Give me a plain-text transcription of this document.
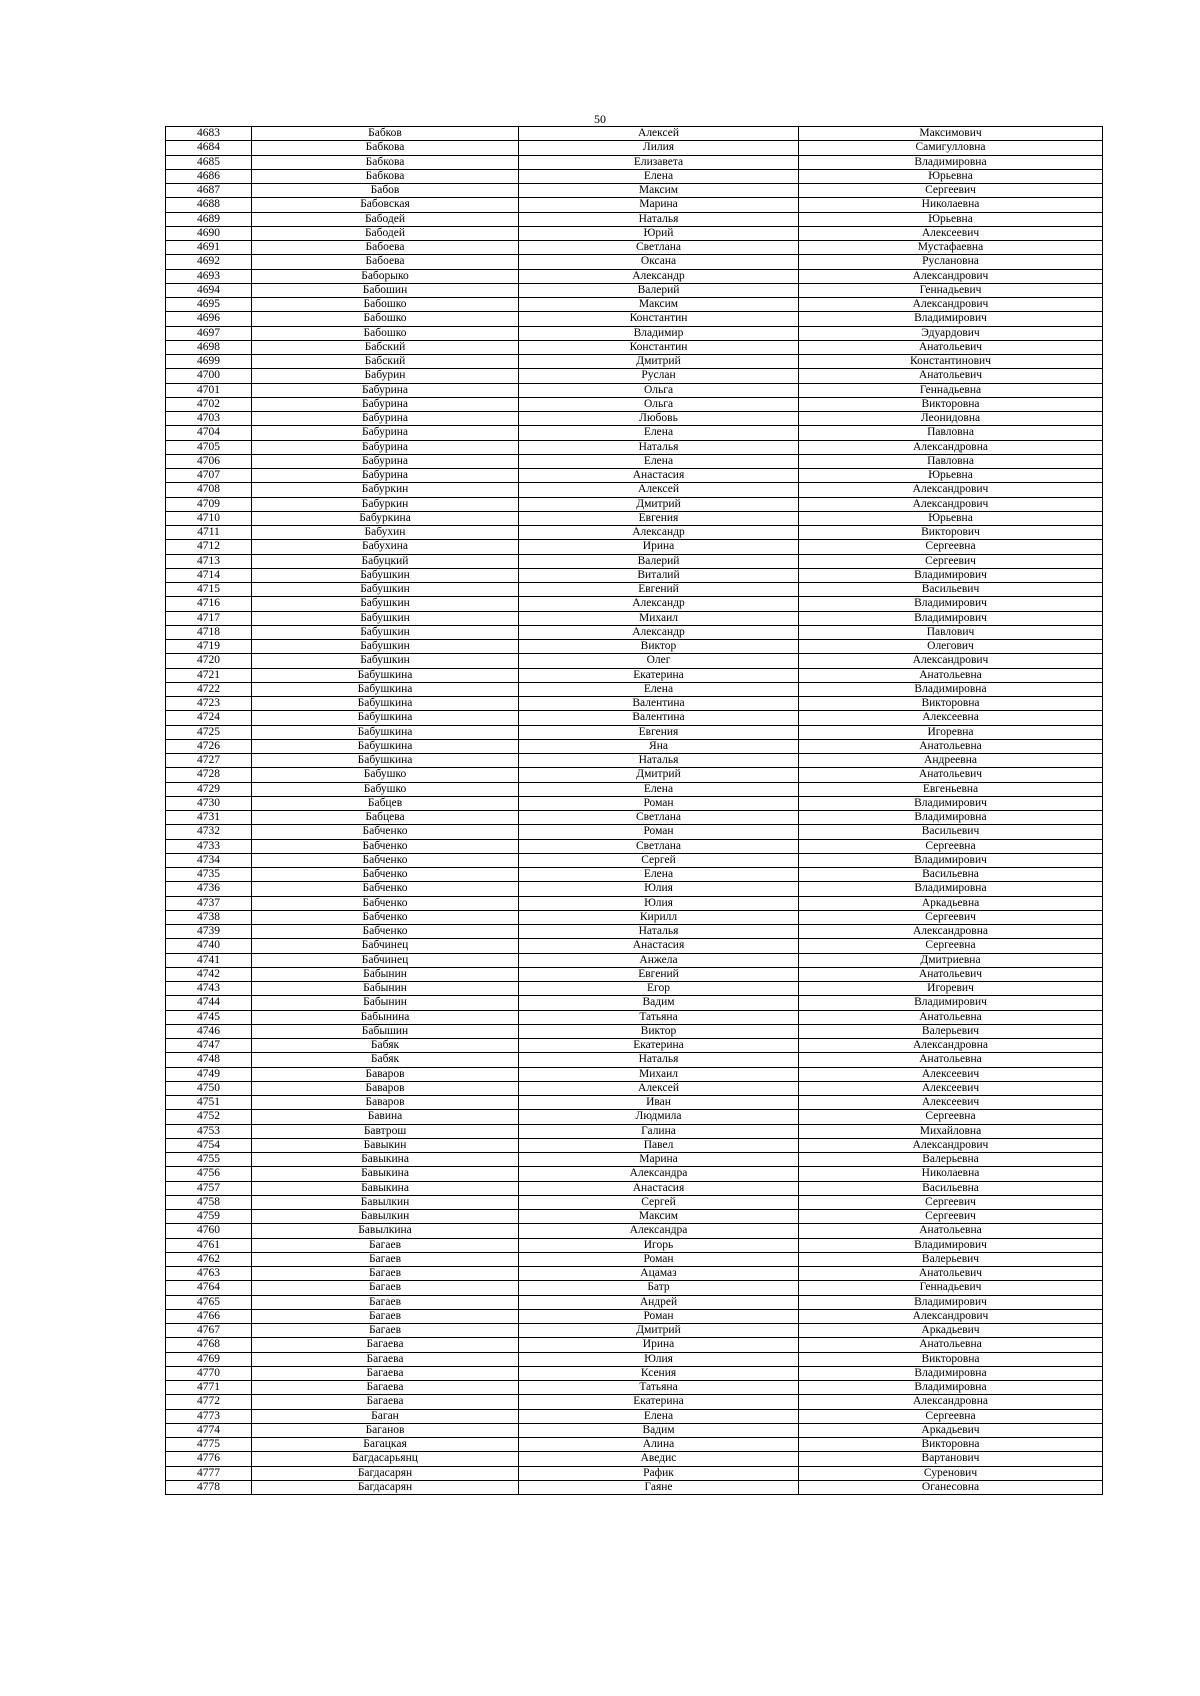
50
4683	Бабков	Алексей	Максимович
4684	Бабкова	Лилия	Самигулловна
4685	Бабкова	Елизавета	Владимировна
4686	Бабкова	Елена	Юрьевна
4687	Бабов	Максим	Сергеевич
4688	Бабовская	Марина	Николаевна
4689	Бабодей	Наталья	Юрьевна
4690	Бабодей	Юрий	Алексеевич
4691	Бабоева	Светлана	Мустафаевна
4692	Бабоева	Оксана	Руслановна
4693	Баборыко	Александр	Александрович
4694	Бабошин	Валерий	Геннадьевич
4695	Бабошко	Максим	Александрович
4696	Бабошко	Константин	Владимирович
4697	Бабошко	Владимир	Эдуардович
4698	Бабский	Константин	Анатольевич
4699	Бабский	Дмитрий	Константинович
4700	Бабурин	Руслан	Анатольевич
4701	Бабурина	Ольга	Геннадьевна
4702	Бабурина	Ольга	Викторовна
4703	Бабурина	Любовь	Леонидовна
4704	Бабурина	Елена	Павловна
4705	Бабурина	Наталья	Александровна
4706	Бабурина	Елена	Павловна
4707	Бабурина	Анастасия	Юрьевна
4708	Бабуркин	Алексей	Александрович
4709	Бабуркин	Дмитрий	Александрович
4710	Бабуркина	Евгения	Юрьевна
4711	Бабухин	Александр	Викторович
4712	Бабухина	Ирина	Сергеевна
4713	Бабуцкий	Валерий	Сергеевич
4714	Бабушкин	Виталий	Владимирович
4715	Бабушкин	Евгений	Васильевич
4716	Бабушкин	Александр	Владимирович
4717	Бабушкин	Михаил	Владимирович
4718	Бабушкин	Александр	Павлович
4719	Бабушкин	Виктор	Олегович
4720	Бабушкин	Олег	Александрович
4721	Бабушкина	Екатерина	Анатольевна
4722	Бабушкина	Елена	Владимировна
4723	Бабушкина	Валентина	Викторовна
4724	Бабушкина	Валентина	Алексеевна
4725	Бабушкина	Евгения	Игоревна
4726	Бабушкина	Яна	Анатольевна
4727	Бабушкина	Наталья	Андреевна
4728	Бабушко	Дмитрий	Анатольевич
4729	Бабушко	Елена	Евгеньевна
4730	Бабцев	Роман	Владимирович
4731	Бабцева	Светлана	Владимировна
4732	Бабченко	Роман	Васильевич
4733	Бабченко	Светлана	Сергеевна
4734	Бабченко	Сергей	Владимирович
4735	Бабченко	Елена	Васильевна
4736	Бабченко	Юлия	Владимировна
4737	Бабченко	Юлия	Аркадьевна
4738	Бабченко	Кирилл	Сергеевич
4739	Бабченко	Наталья	Александровна
4740	Бабчинец	Анастасия	Сергеевна
4741	Бабчинец	Анжела	Дмитриевна
4742	Бабынин	Евгений	Анатольевич
4743	Бабынин	Егор	Игоревич
4744	Бабынин	Вадим	Владимирович
4745	Бабынина	Татьяна	Анатольевна
4746	Бабышин	Виктор	Валерьевич
4747	Бабяк	Екатерина	Александровна
4748	Бабяк	Наталья	Анатольевна
4749	Баваров	Михаил	Алексеевич
4750	Баваров	Алексей	Алексеевич
4751	Баваров	Иван	Алексеевич
4752	Бавина	Людмила	Сергеевна
4753	Бавтрош	Галина	Михайловна
4754	Бавыкин	Павел	Александрович
4755	Бавыкина	Марина	Валерьевна
4756	Бавыкина	Александра	Николаевна
4757	Бавыкина	Анастасия	Васильевна
4758	Бавылкин	Сергей	Сергеевич
4759	Бавылкин	Максим	Сергеевич
4760	Бавылкина	Александра	Анатольевна
4761	Багаев	Игорь	Владимирович
4762	Багаев	Роман	Валерьевич
4763	Багаев	Ацамаз	Анатольевич
4764	Багаев	Батр	Геннадьевич
4765	Багаев	Андрей	Владимирович
4766	Багаев	Роман	Александрович
4767	Багаев	Дмитрий	Аркадьевич
4768	Багаева	Ирина	Анатольевна
4769	Багаева	Юлия	Викторовна
4770	Багаева	Ксения	Владимировна
4771	Багаева	Татьяна	Владимировна
4772	Багаева	Екатерина	Александровна
4773	Баган	Елена	Сергеевна
4774	Баганов	Вадим	Аркадьевич
4775	Багацкая	Алина	Викторовна
4776	Багдасарьянц	Аведис	Вартанович
4777	Багдасарян	Рафик	Суренович
4778	Багдасарян	Гаяне	Оганесовна
